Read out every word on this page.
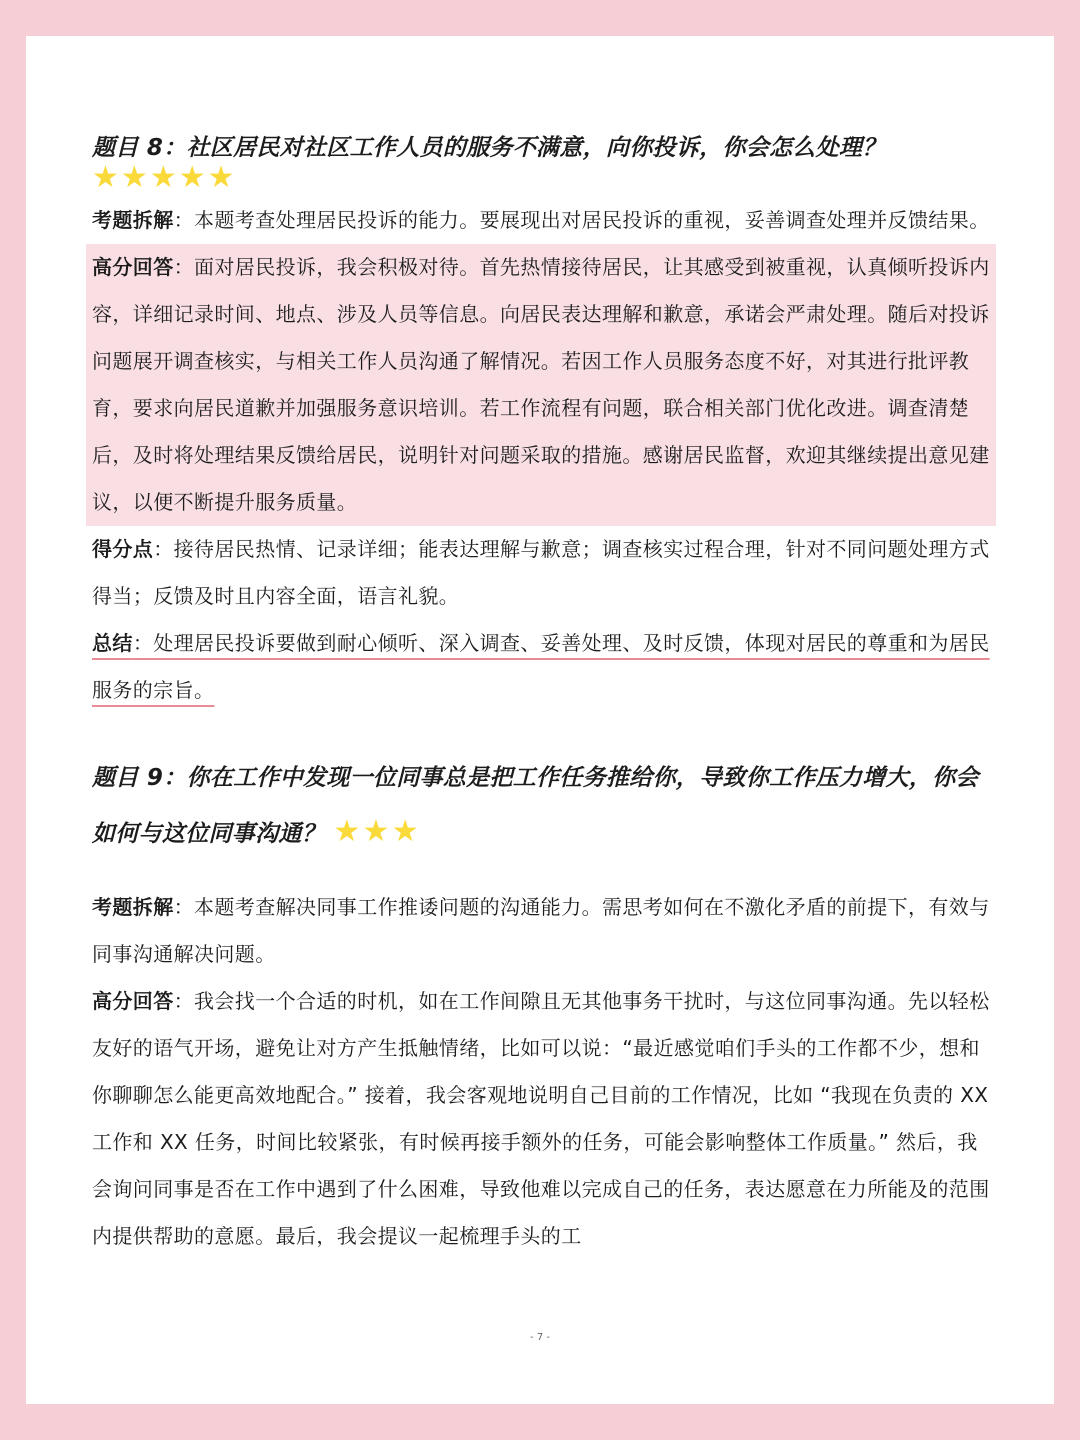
题目 8：社区居民对社区工作人员的服务不满意，向你投诉，你会怎么处理？

★★★★★

考题拆解：本题考查处理居民投诉的能力。要展现出对居民投诉的重视，妥善调查处理并反馈结果。

高分回答：面对居民投诉，我会积极对待。首先热情接待居民，让其感受到被重视，认真倾听投诉内容，详细记录时间、地点、涉及人员等信息。向居民表达理解和歉意，承诺会严肃处理。随后对投诉问题展开调查核实，与相关工作人员沟通了解情况。若因工作人员服务态度不好，对其进行批评教育，要求向居民道歉并加强服务意识培训。若工作流程有问题，联合相关部门优化改进。调查清楚后，及时将处理结果反馈给居民，说明针对问题采取的措施。感谢居民监督，欢迎其继续提出意见建议，以便不断提升服务质量。

得分点：接待居民热情、记录详细；能表达理解与歉意；调查核实过程合理，针对不同问题处理方式得当；反馈及时且内容全面，语言礼貌。

总结：处理居民投诉要做到耐心倾听、深入调查、妥善处理、及时反馈，体现对居民的尊重和为居民服务的宗旨。

题目 9：你在工作中发现一位同事总是把工作任务推给你，导致你工作压力增大，你会如何与这位同事沟通？ ★★★

考题拆解：本题考查解决同事工作推诿问题的沟通能力。需思考如何在不激化矛盾的前提下，有效与同事沟通解决问题。

高分回答：我会找一个合适的时机，如在工作间隙且无其他事务干扰时，与这位同事沟通。先以轻松友好的语气开场，避免让对方产生抵触情绪，比如可以说：“最近感觉咱们手头的工作都不少，想和你聊聊怎么能更高效地配合。” 接着，我会客观地说明自己目前的工作情况，比如 “我现在负责的 XX 工作和 XX 任务，时间比较紧张，有时候再接手额外的任务，可能会影响整体工作质量。” 然后，我会询问同事是否在工作中遇到了什么困难，导致他难以完成自己的任务，表达愿意在力所能及的范围内提供帮助的意愿。最后，我会提议一起梳理手头的工

- 7 -
